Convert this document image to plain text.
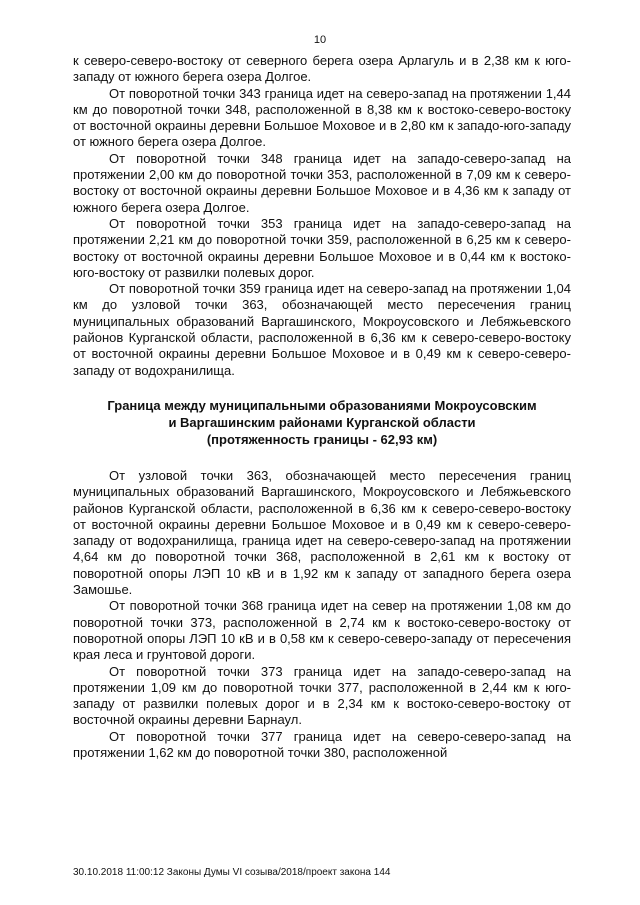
10

к северо-северо-востоку от северного берега озера Арлагуль и в 2,38 км к юго-западу от южного берега озера Долгое.

От поворотной точки 343 граница идет на северо-запад на протяжении 1,44 км до поворотной точки 348, расположенной в 8,38 км к востоко-северо-востоку от восточной окраины деревни Большое Моховое и в 2,80 км к западо-юго-западу от южного берега озера Долгое.

От поворотной точки 348 граница идет на западо-северо-запад на протяжении 2,00 км до поворотной точки 353, расположенной в 7,09 км к северо-востоку от восточной окраины деревни Большое Моховое и в 4,36 км к западу от южного берега озера Долгое.

От поворотной точки 353 граница идет на западо-северо-запад на протяжении 2,21 км до поворотной точки 359, расположенной в 6,25 км к северо-востоку от восточной окраины деревни Большое Моховое и в 0,44 км к востоко-юго-востоку от развилки полевых дорог.

От поворотной точки 359 граница идет на северо-запад на протяжении 1,04 км до узловой точки 363, обозначающей место пересечения границ муниципальных образований Варгашинского, Мокроусовского и Лебяжьевского районов Курганской области, расположенной в 6,36 км к северо-северо-востоку от восточной окраины деревни Большое Моховое и в 0,49 км к северо-северо-западу от водохранилища.

Граница между муниципальными образованиями Мокроусовским
и Варгашинским районами Курганской области
(протяженность границы - 62,93 км)

От узловой точки 363, обозначающей место пересечения границ муниципальных образований Варгашинского, Мокроусовского и Лебяжьевского районов Курганской области, расположенной в 6,36 км к северо-северо-востоку от восточной окраины деревни Большое Моховое и в 0,49 км к северо-северо-западу от водохранилища, граница идет на северо-северо-запад на протяжении 4,64 км до поворотной точки 368, расположенной в 2,61 км к востоку от поворотной опоры ЛЭП 10 кВ и в 1,92 км к западу от западного берега озера Замошье.

От поворотной точки 368 граница идет на север на протяжении 1,08 км до поворотной точки 373, расположенной в 2,74 км к востоко-северо-востоку от поворотной опоры ЛЭП 10 кВ и в 0,58 км к северо-северо-западу от пересечения края леса и грунтовой дороги.

От поворотной точки 373 граница идет на западо-северо-запад на протяжении 1,09 км до поворотной точки 377, расположенной в 2,44 км к юго-западу от развилки полевых дорог и в 2,34 км к востоко-северо-востоку от восточной окраины деревни Барнаул.

От поворотной точки 377 граница идет на северо-северо-запад на протяжении 1,62 км до поворотной точки 380, расположенной

30.10.2018 11:00:12 Законы Думы VI созыва/2018/проект закона 144
